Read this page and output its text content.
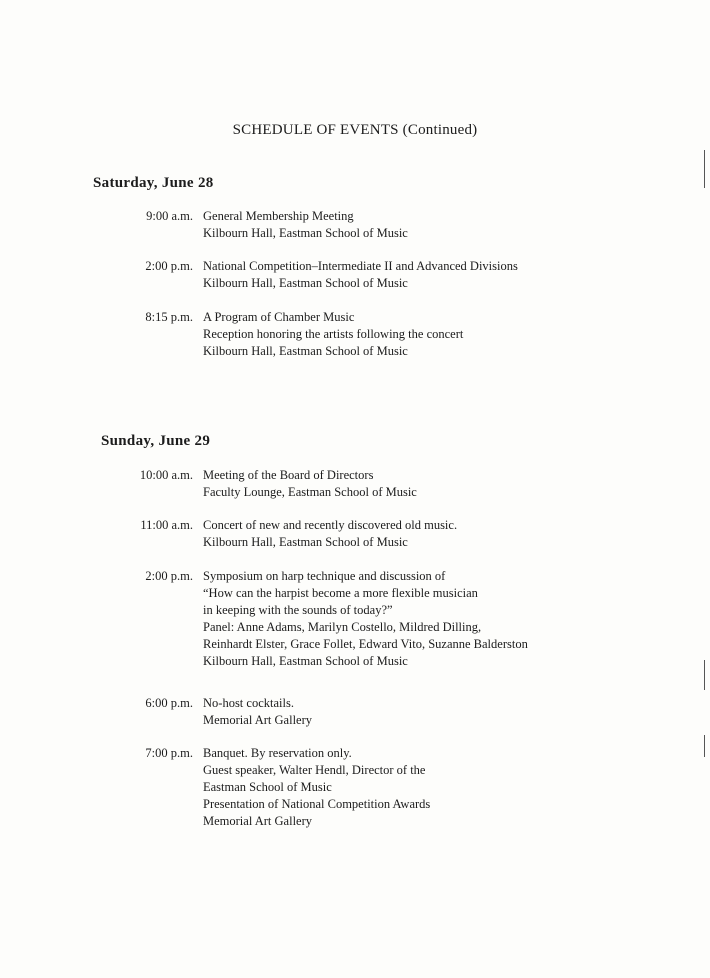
SCHEDULE OF EVENTS (Continued)
Saturday, June 28
9:00 a.m. General Membership Meeting
Kilbourn Hall, Eastman School of Music
2:00 p.m. National Competition–Intermediate II and Advanced Divisions
Kilbourn Hall, Eastman School of Music
8:15 p.m. A Program of Chamber Music
Reception honoring the artists following the concert
Kilbourn Hall, Eastman School of Music
Sunday, June 29
10:00 a.m. Meeting of the Board of Directors
Faculty Lounge, Eastman School of Music
11:00 a.m. Concert of new and recently discovered old music.
Kilbourn Hall, Eastman School of Music
2:00 p.m. Symposium on harp technique and discussion of
“How can the harpist become a more flexible musician
in keeping with the sounds of today?”
Panel: Anne Adams, Marilyn Costello, Mildred Dilling,
Reinhardt Elster, Grace Follet, Edward Vito, Suzanne Balderston
Kilbourn Hall, Eastman School of Music
6:00 p.m. No-host cocktails.
Memorial Art Gallery
7:00 p.m. Banquet. By reservation only.
Guest speaker, Walter Hendl, Director of the
Eastman School of Music
Presentation of National Competition Awards
Memorial Art Gallery
